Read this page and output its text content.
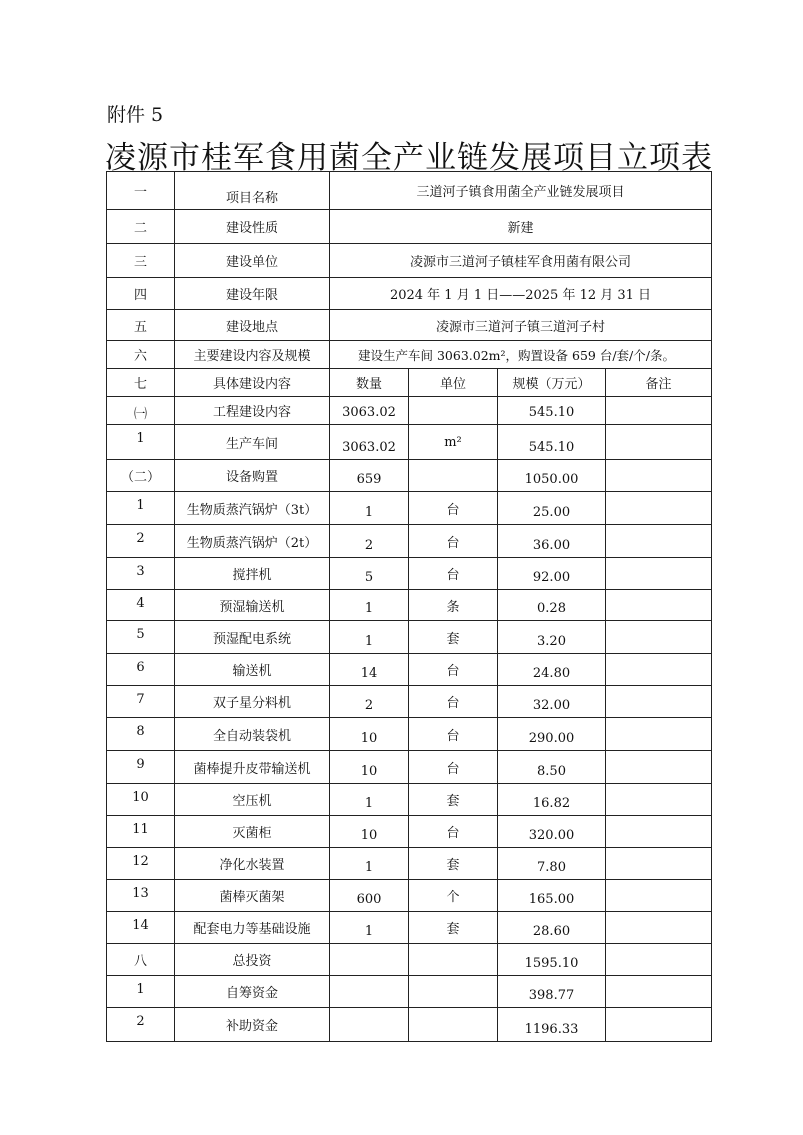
附件 5
凌源市桂军食用菌全产业链发展项目立项表
一	项目名称	三道河子镇食用菌全产业链发展项目			
二	建设性质	新建			
三	建设单位	凌源市三道河子镇桂军食用菌有限公司			
四	建设年限	2024 年 1 月 1 日——2025 年 12 月 31 日			
五	建设地点	凌源市三道河子镇三道河子村			
六	主要建设内容及规模	建设生产车间 3063.02m²，购置设备 659 台/套/个/条。			
七	具体建设内容	数量	单位	规模（万元）	备注
㈠	工程建设内容	3063.02		545.10	
1	生产车间	3063.02	m²	545.10	
（二）	设备购置	659		1050.00	
1	生物质蒸汽锅炉（3t）	1	台	25.00	
2	生物质蒸汽锅炉（2t）	2	台	36.00	
3	搅拌机	5	台	92.00	
4	预湿输送机	1	条	0.28	
5	预湿配电系统	1	套	3.20	
6	输送机	14	台	24.80	
7	双子星分料机	2	台	32.00	
8	全自动装袋机	10	台	290.00	
9	菌棒提升皮带输送机	10	台	8.50	
10	空压机	1	套	16.82	
11	灭菌柜	10	台	320.00	
12	净化水装置	1	套	7.80	
13	菌棒灭菌架	600	个	165.00	
14	配套电力等基础设施	1	套	28.60	
八	总投资			1595.10	
1	自筹资金			398.77	
2	补助资金			1196.33	
